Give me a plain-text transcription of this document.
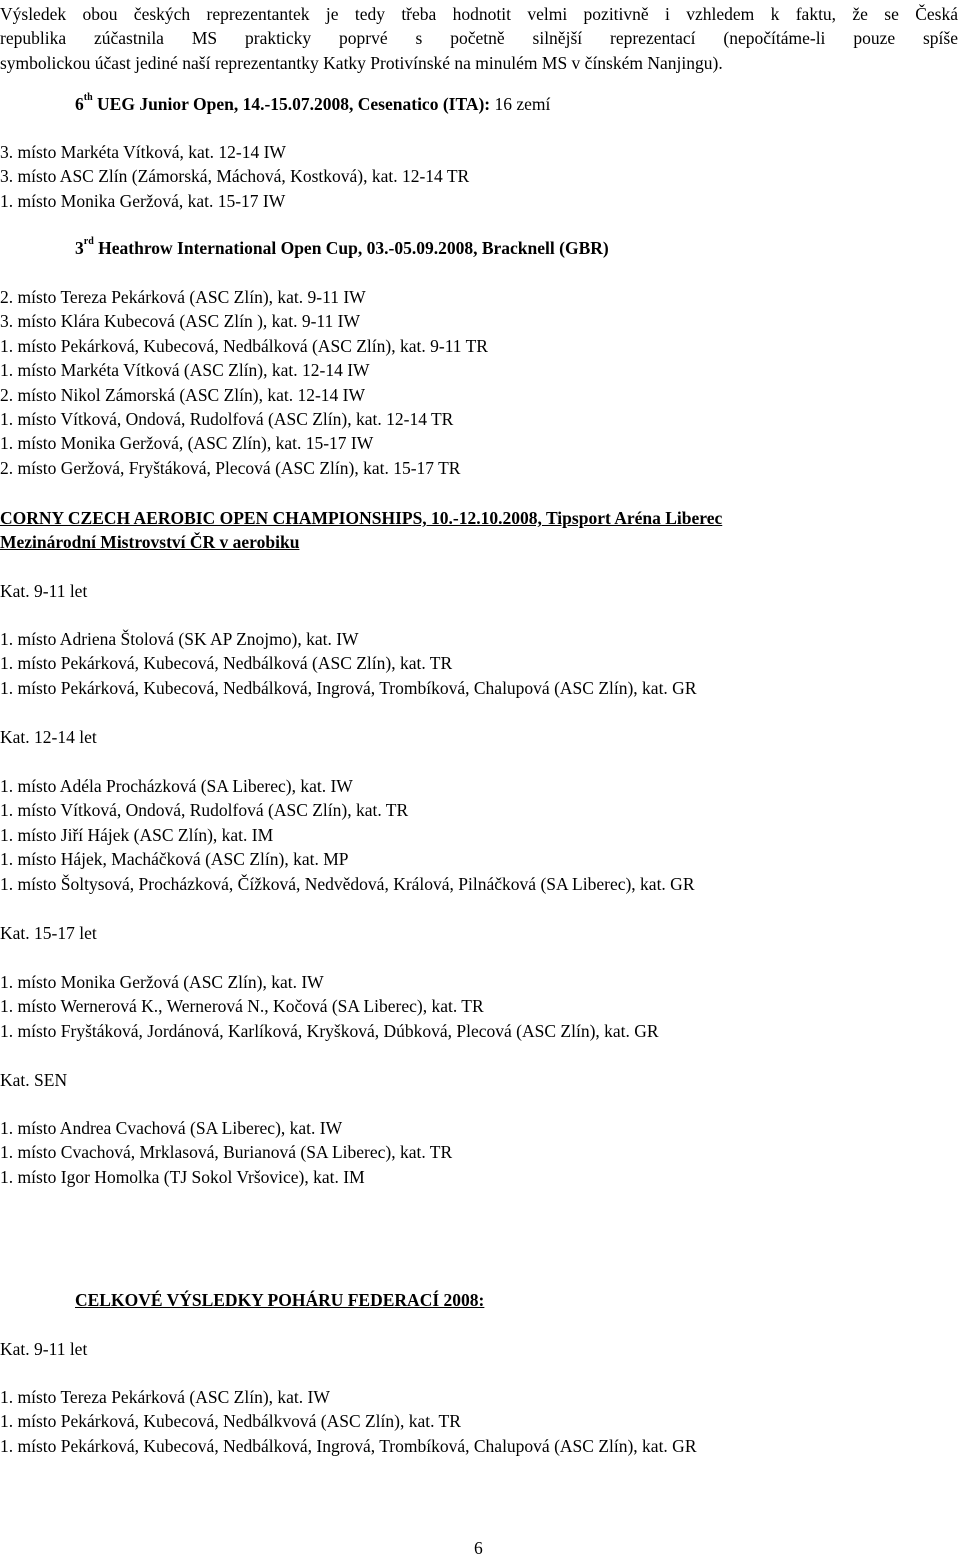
Výsledek obou českých reprezentantek je tedy třeba hodnotit velmi pozitivně i vzhledem k faktu, že se Česká
republika zúčastnila MS prakticky poprvé s početně silnější reprezentací (nepočítáme-li pouze spíše
symbolickou účast jediné naší reprezentantky Katky Protivínské na minulém MS v čínském Nanjingu).

6th UEG Junior Open, 14.-15.07.2008, Cesenatico (ITA): 16 zemí

3. místo Markéta Vítková, kat. 12-14 IW
3. místo ASC Zlín (Zámorská, Máchová, Kostková), kat. 12-14 TR
1. místo Monika Geržová, kat. 15-17 IW

3rd Heathrow International Open Cup, 03.-05.09.2008, Bracknell (GBR)

2. místo Tereza Pekárková (ASC Zlín), kat. 9-11 IW
3. místo Klára Kubecová (ASC Zlín ), kat. 9-11 IW
1. místo Pekárková, Kubecová, Nedbálková (ASC Zlín), kat. 9-11 TR
1. místo Markéta Vítková (ASC Zlín), kat. 12-14 IW
2. místo Nikol Zámorská (ASC Zlín), kat. 12-14 IW
1. místo Vítková, Ondová, Rudolfová (ASC Zlín), kat. 12-14 TR
1. místo Monika Geržová, (ASC Zlín), kat. 15-17 IW
2. místo Geržová, Fryštáková, Plecová (ASC Zlín), kat. 15-17 TR

CORNY CZECH AEROBIC OPEN CHAMPIONSHIPS, 10.-12.10.2008, Tipsport Aréna Liberec

Mezinárodní Mistrovství ČR v aerobiku

Kat. 9-11 let

1. místo Adriena Štolová (SK AP Znojmo), kat. IW
1. místo Pekárková, Kubecová, Nedbálková (ASC Zlín), kat. TR
1. místo Pekárková, Kubecová, Nedbálková, Ingrová, Trombíková, Chalupová (ASC Zlín), kat. GR

Kat. 12-14 let

1. místo Adéla Procházková (SA Liberec), kat. IW
1. místo Vítková, Ondová, Rudolfová (ASC Zlín), kat. TR
1. místo Jiří Hájek (ASC Zlín), kat. IM
1. místo Hájek, Macháčková (ASC Zlín), kat. MP
1. místo Šoltysová, Procházková, Čížková, Nedvědová, Králová, Pilnáčková (SA Liberec), kat. GR

Kat. 15-17 let

1. místo Monika Geržová (ASC Zlín), kat. IW
1. místo Wernerová K., Wernerová N., Kočová (SA Liberec), kat. TR
1. místo Fryštáková, Jordánová, Karlíková, Kryšková, Dúbková, Plecová (ASC Zlín), kat. GR

Kat. SEN

1. místo Andrea Cvachová (SA Liberec), kat. IW
1. místo Cvachová, Mrklasová, Burianová (SA Liberec), kat. TR
1. místo Igor Homolka (TJ Sokol Vršovice), kat. IM

CELKOVÉ VÝSLEDKY POHÁRU FEDERACÍ 2008:

Kat. 9-11 let

1. místo Tereza Pekárková (ASC Zlín), kat. IW
1. místo Pekárková, Kubecová, Nedbálkvová (ASC Zlín), kat. TR
1. místo Pekárková, Kubecová, Nedbálková, Ingrová, Trombíková, Chalupová (ASC Zlín), kat. GR

6
